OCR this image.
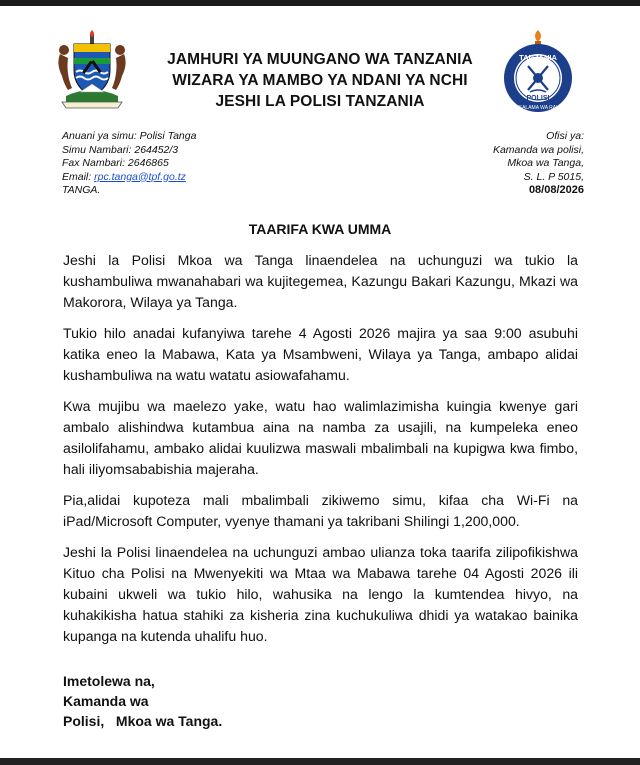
JAMHURI YA MUUNGANO WA TANZANIA
WIZARA YA MAMBO YA NDANI YA NCHI
JESHI LA POLISI TANZANIA
TANZANIA
POLISI
USALAMA WA RAIA
Anuani ya simu: Polisi Tanga
Simu Nambari: 264452/3
Fax Nambari: 2646865
Email: rpc.tanga@tpf.go.tz
TANGA.
Ofisi ya:
Kamanda wa polisi,
Mkoa wa Tanga,
S. L. P 5015,
08/08/2026
TAARIFA KWA UMMA

Jeshi la Polisi Mkoa wa Tanga linaendelea na uchunguzi wa tukio la kushambuliwa mwanahabari wa kujitegemea, Kazungu Bakari Kazungu, Mkazi wa Makorora, Wilaya ya Tanga.

Tukio hilo anadai kufanyiwa tarehe 4 Agosti 2026 majira ya saa 9:00 asubuhi katika eneo la Mabawa, Kata ya Msambweni, Wilaya ya Tanga, ambapo alidai kushambuliwa na watu watatu asiowafahamu.

Kwa mujibu wa maelezo yake, watu hao walimlazimisha kuingia kwenye gari ambalo alishindwa kutambua aina na namba za usajili, na kumpeleka eneo asilolifahamu, ambako alidai kuulizwa maswali mbalimbali na kupigwa kwa fimbo, hali iliyomsababishia majeraha.

Pia,alidai kupoteza mali mbalimbali zikiwemo simu, kifaa cha Wi-Fi na iPad/Microsoft Computer, vyenye thamani ya takribani Shilingi 1,200,000.

Jeshi la Polisi linaendelea na uchunguzi ambao ulianza toka taarifa zilipofikishwa Kituo cha Polisi na Mwenyekiti wa Mtaa wa Mabawa tarehe 04 Agosti 2026 ili kubaini ukweli wa tukio hilo, wahusika na lengo la kumtendea hivyo, na kuhakikisha hatua stahiki za kisheria zina kuchukuliwa dhidi ya watakao bainika kupanga na kutenda uhalifu huo.

Imetolewa na,
Kamanda wa
Polisi,   Mkoa wa Tanga.
